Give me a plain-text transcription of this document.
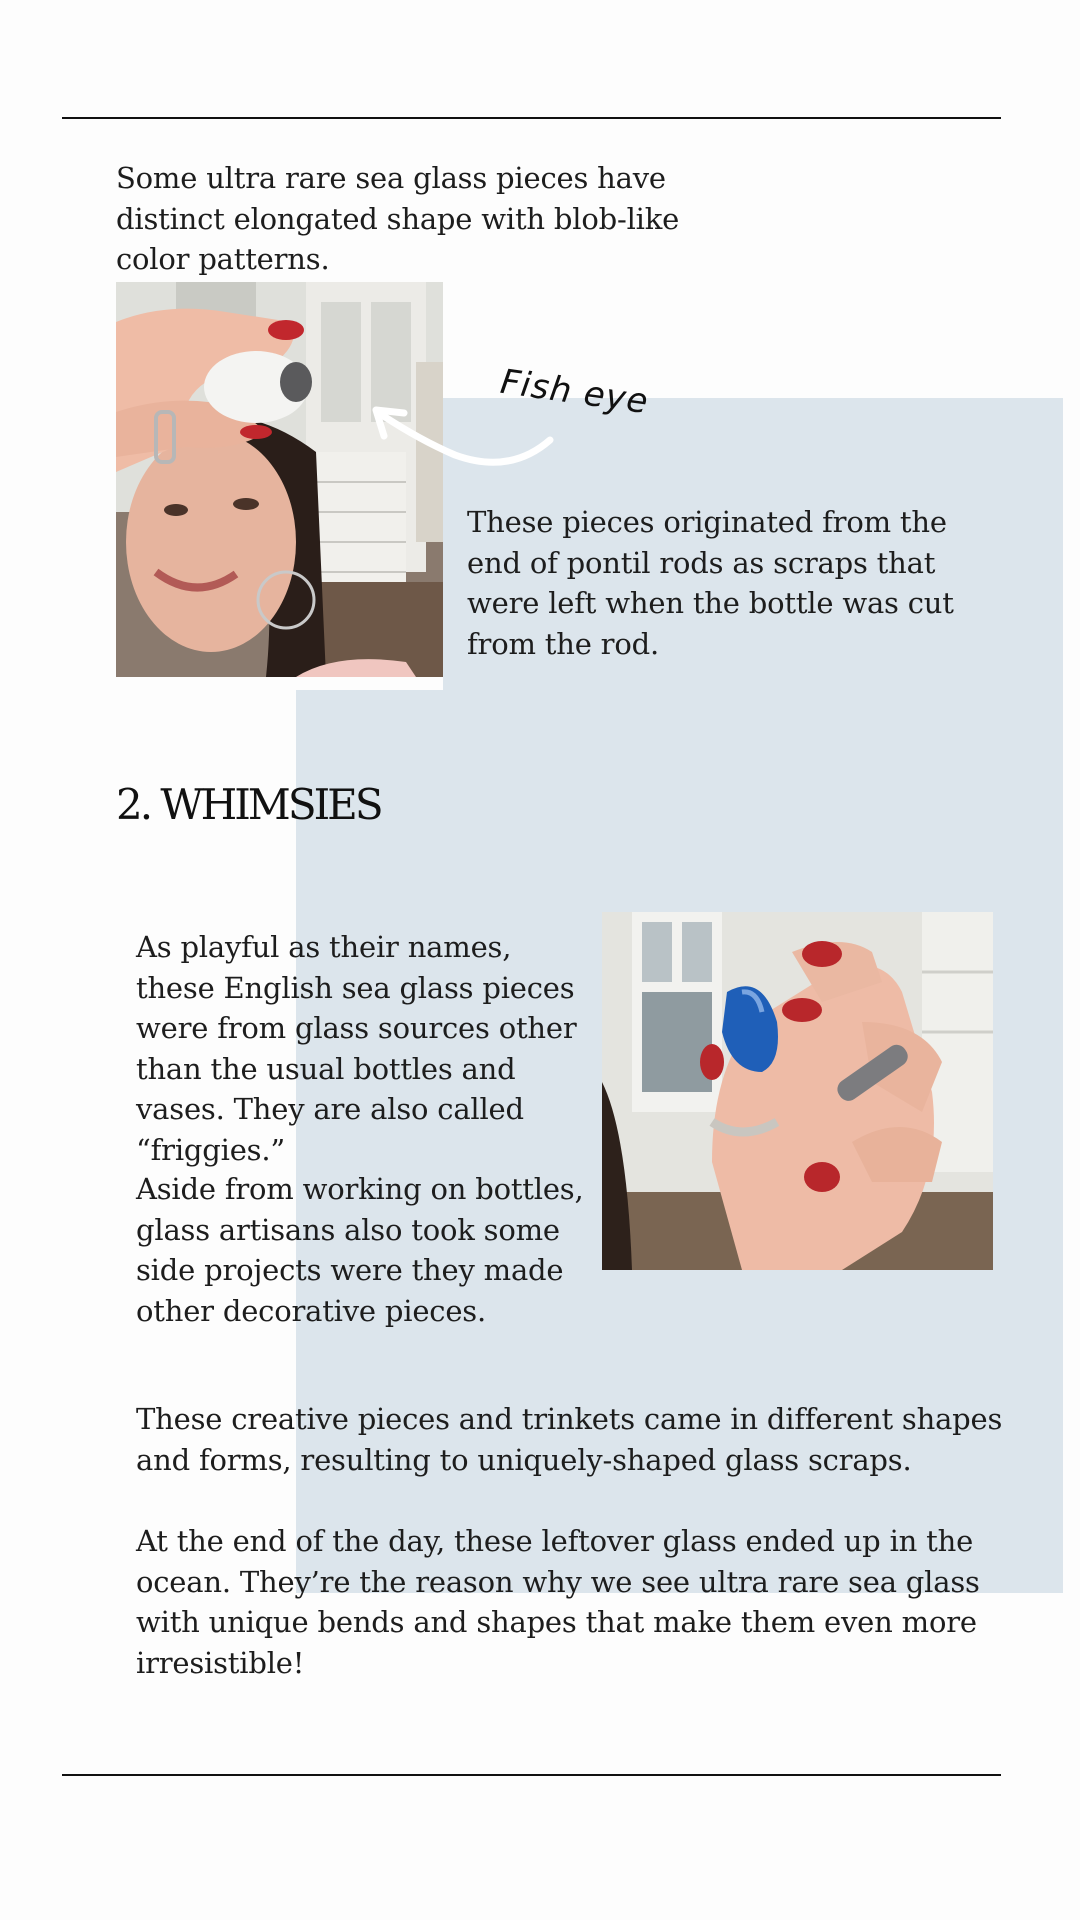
Some ultra rare sea glass pieces have distinct elongated shape with blob-like color patterns.

Fish eye

These pieces originated from the end of pontil rods as scraps that were left when the bottle was cut from the rod.

2. WHIMSIES

As playful as their names, these English sea glass pieces were from glass sources other than the usual bottles and vases. They are also called “friggies.”

Aside from working on bottles, glass artisans also took some side projects were they made other decorative pieces.

These creative pieces and trinkets came in different shapes and forms, resulting to uniquely-shaped glass scraps.

At the end of the day, these leftover glass ended up in the ocean. They’re the reason why we see ultra rare sea glass with unique bends and shapes that make them even more irresistible!
